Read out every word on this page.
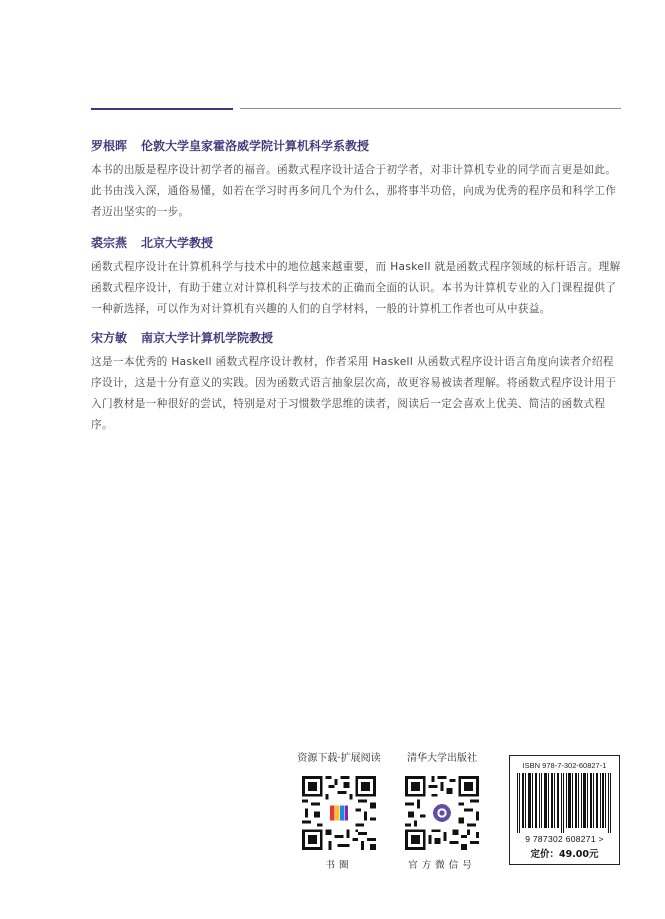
罗根晖 伦敦大学皇家霍洛威学院计算机科学系教授

本书的出版是程序设计初学者的福音。函数式程序设计适合于初学者，对非计算机专业的同学而言更是如此。此书由浅入深，通俗易懂，如若在学习时再多问几个为什么，那将事半功倍，向成为优秀的程序员和科学工作者迈出坚实的一步。

裘宗燕 北京大学教授

函数式程序设计在计算机科学与技术中的地位越来越重要，而 Haskell 就是函数式程序领域的标杆语言。理解函数式程序设计，有助于建立对计算机科学与技术的正确而全面的认识。本书为计算机专业的入门课程提供了一种新选择，可以作为对计算机有兴趣的人们的自学材料，一般的计算机工作者也可从中获益。

宋方敏 南京大学计算机学院教授

这是一本优秀的 Haskell 函数式程序设计教材，作者采用 Haskell 从函数式程序设计语言角度向读者介绍程序设计，这是十分有意义的实践。因为函数式语言抽象层次高，故更容易被读者理解。将函数式程序设计用于入门教材是一种很好的尝试，特别是对于习惯数学思维的读者，阅读后一定会喜欢上优美、简洁的函数式程序。

资源下载·扩展阅读
书圈
清华大学出版社
官方微信号
ISBN 978-7-302-60827-1
9 787302 608271 >
定价：49.00元
